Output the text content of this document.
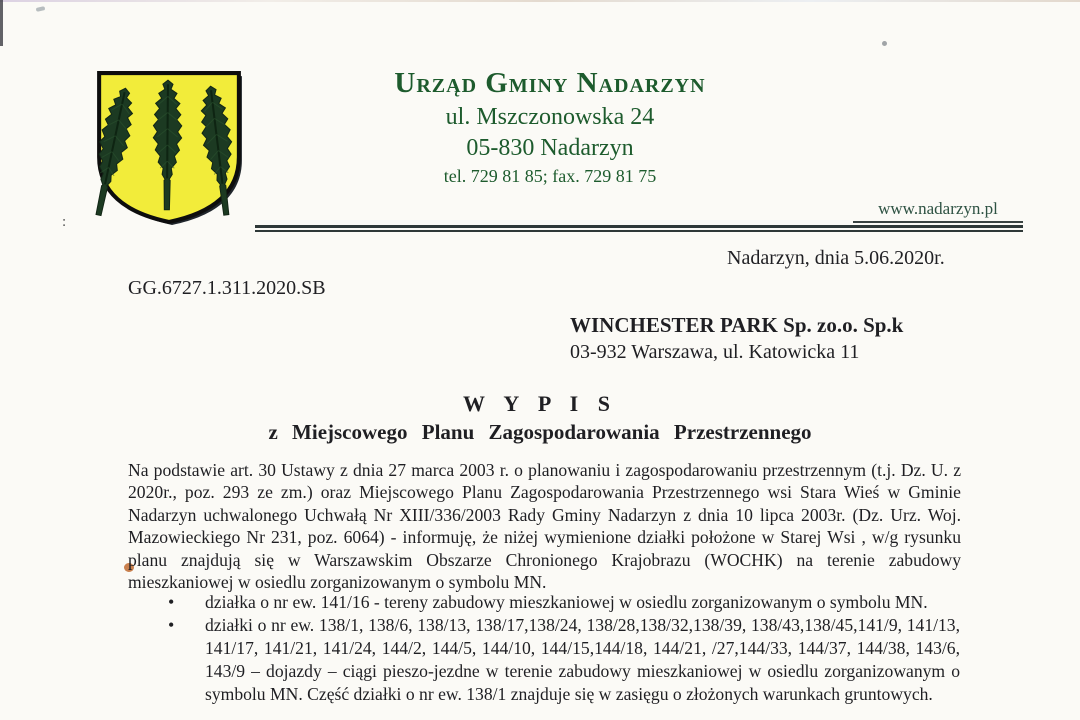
:
Urząd Gminy Nadarzyn
ul. Mszczonowska 24
05-830 Nadarzyn
tel. 729 81 85; fax. 729 81 75
www.nadarzyn.pl
Nadarzyn, dnia 5.06.2020r.
GG.6727.1.311.2020.SB
WINCHESTER PARK Sp. zo.o. Sp.k
03-932 Warszawa, ul. Katowicka 11
W Y P I S
z Miejscowego Planu Zagospodarowania Przestrzennego
Na podstawie art. 30 Ustawy z dnia 27 marca 2003 r. o planowaniu i zagospodarowaniu przestrzennym (t.j. Dz. U. z 2020r., poz. 293 ze zm.) oraz Miejscowego Planu Zagospodarowania Przestrzennego wsi Stara Wieś w Gminie Nadarzyn uchwalonego Uchwałą Nr XIII/336/2003 Rady Gminy Nadarzyn z dnia 10 lipca 2003r. (Dz. Urz. Woj. Mazowieckiego Nr 231, poz. 6064) - informuję, że niżej wymienione działki położone w Starej Wsi , w/g rysunku planu znajdują się w Warszawskim Obszarze Chronionego Krajobrazu (WOCHK) na terenie zabudowy mieszkaniowej w osiedlu zorganizowanym o symbolu MN.
•
działka o nr ew. 141/16 - tereny zabudowy mieszkaniowej w osiedlu zorganizowanym o symbolu MN.
•
działki o nr ew. 138/1, 138/6, 138/13, 138/17,138/24, 138/28,138/32,138/39, 138/43,138/45,141/9, 141/13, 141/17, 141/21, 141/24, 144/2, 144/5, 144/10, 144/15,144/18, 144/21, /27,144/33, 144/37, 144/38, 143/6, 143/9 – dojazdy – ciągi pieszo-jezdne w terenie zabudowy mieszkaniowej w osiedlu zorganizowanym o symbolu MN. Część działki o nr ew. 138/1 znajduje się w zasięgu o złożonych warunkach gruntowych.
